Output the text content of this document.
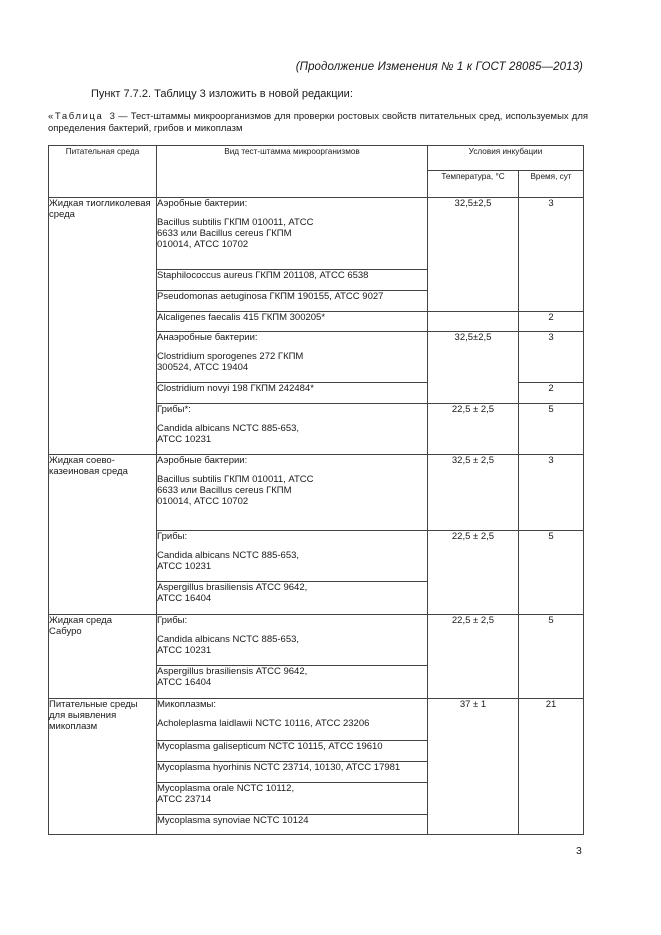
(Продолжение Изменения № 1 к ГОСТ 28085—2013)
Пункт 7.7.2. Таблицу 3 изложить в новой редакции:
«Таблица 3 — Тест-штаммы микроорганизмов для проверки ростовых свойств питательных сред, используемых для определения бактерий, грибов и микоплазм
Питательная среда	Вид тест-штамма микроорганизмов	Условия инкубации	
		Температура, °С	Время, сут
Жидкая тиогликолевая среда	Аэробные бактерии:
Bacillus subtilis ГКПМ 010011, АТСС 6633 или Bacillus cereus ГКПМ 010014, АТСС 10702	32,5±2,5	3
	Staphilococcus aureus ГКПМ 201108, АТСС 6538		
	Pseudomonas aetuginosa ГКПМ 190155, АТСС 9027		
	Alcaligenes faecalis 415 ГКПМ 300205*		2

	Анаэробные бактерии:
Clostridium sporogenes 272 ГКПМ 300524, АТСС 19404	32,5±2,5	3
	Clostridium novyi 198 ГКПМ 242484*		2

	Грибы*:
Candida albicans NCTC 885-653, АТСС 10231	22,5 ± 2,5	5
Жидкая соево-казеиновая среда	Аэробные бактерии:
Bacillus subtilis ГКПМ 010011, АТСС 6633 или Bacillus cereus ГКПМ 010014, АТСС 10702	32,5 ± 2,5	3

	Грибы:
Candida albicans NCTC 885-653, АТСС 10231	22,5 ± 2,5	5

	Aspergillus brasiliensis АТСС 9642, АТСС 16404		

Жидкая среда Сабуро	Грибы:
Candida albicans NCTC 885-653, АТСС 10231	22,5 ± 2,5	5

	Aspergillus brasiliensis АТСС 9642, АТСС 16404		

Питательные среды для выявления микоплазм	Микоплазмы:
Acholeplasma laidlawii NCTC 10116, АТСС 23206	37 ± 1	21
	Mycoplasma galisepticum NCTC 10115, АТСС 19610		
	Mycoplasma hyorhinis NCTC 23714, 10130, АТСС 17981		

	Mycoplasma orale NCTC 10112, АТСС 23714		

	Mycoplasma synoviae NCTC 10124		
3
